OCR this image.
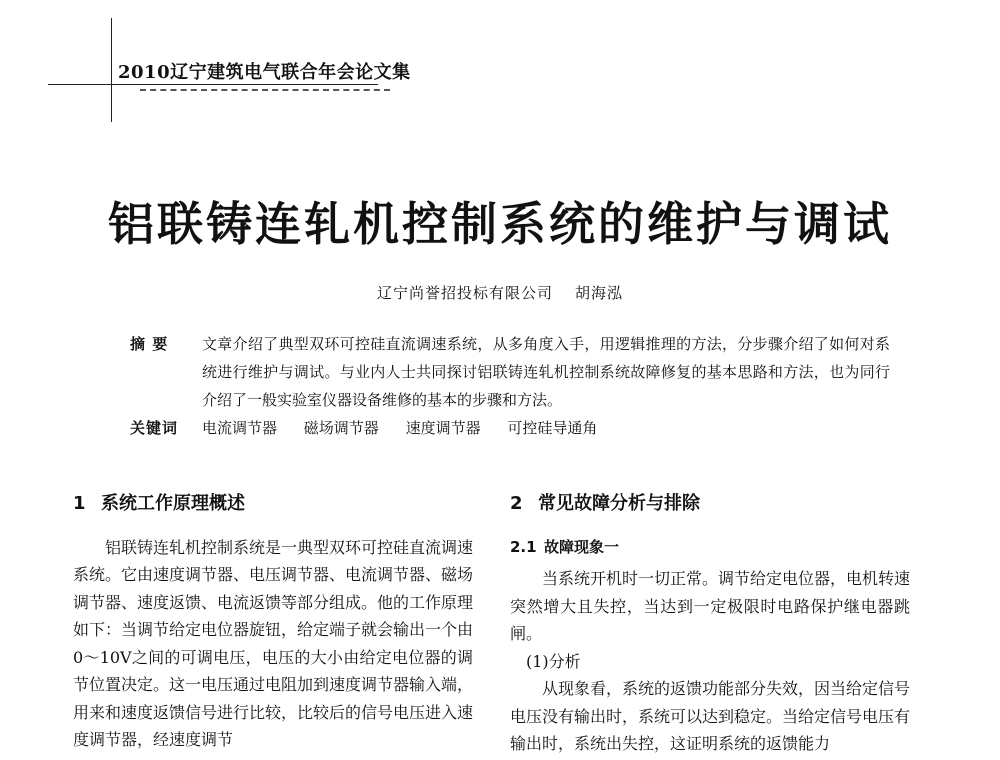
2010辽宁建筑电气联合年会论文集
铝联铸连轧机控制系统的维护与调试
辽宁尚誉招投标有限公司 胡海泓
摘 要	文章介绍了典型双环可控硅直流调速系统，从多角度入手，用逻辑推理的方法，分步骤介绍了如何对系统进行维护与调试。与业内人士共同探讨铝联铸连轧机控制系统故障修复的基本思路和方法，也为同行介绍了一般实验室仪器设备维修的基本的步骤和方法。
关键词	电流调节器 磁场调节器 速度调节器 可控硅导通角
1 系统工作原理概述

铝联铸连轧机控制系统是一典型双环可控硅直流调速系统。它由速度调节器、电压调节器、电流调节器、磁场调节器、速度返馈、电流返馈等部分组成。他的工作原理如下：当调节给定电位器旋钮，给定端子就会输出一个由0～10V之间的可调电压，电压的大小由给定电位器的调节位置决定。这一电压通过电阻加到速度调节器输入端，用来和速度返馈信号进行比较，比较后的信号电压进入速度调节器，经速度调节

2 常见故障分析与排除
2.1 故障现象一

当系统开机时一切正常。调节给定电位器，电机转速突然增大且失控，当达到一定极限时电路保护继电器跳闸。

(1)分析

从现象看，系统的返馈功能部分失效，因当给定信号电压没有输出时，系统可以达到稳定。当给定信号电压有输出时，系统出失控，这证明系统的返馈能力
